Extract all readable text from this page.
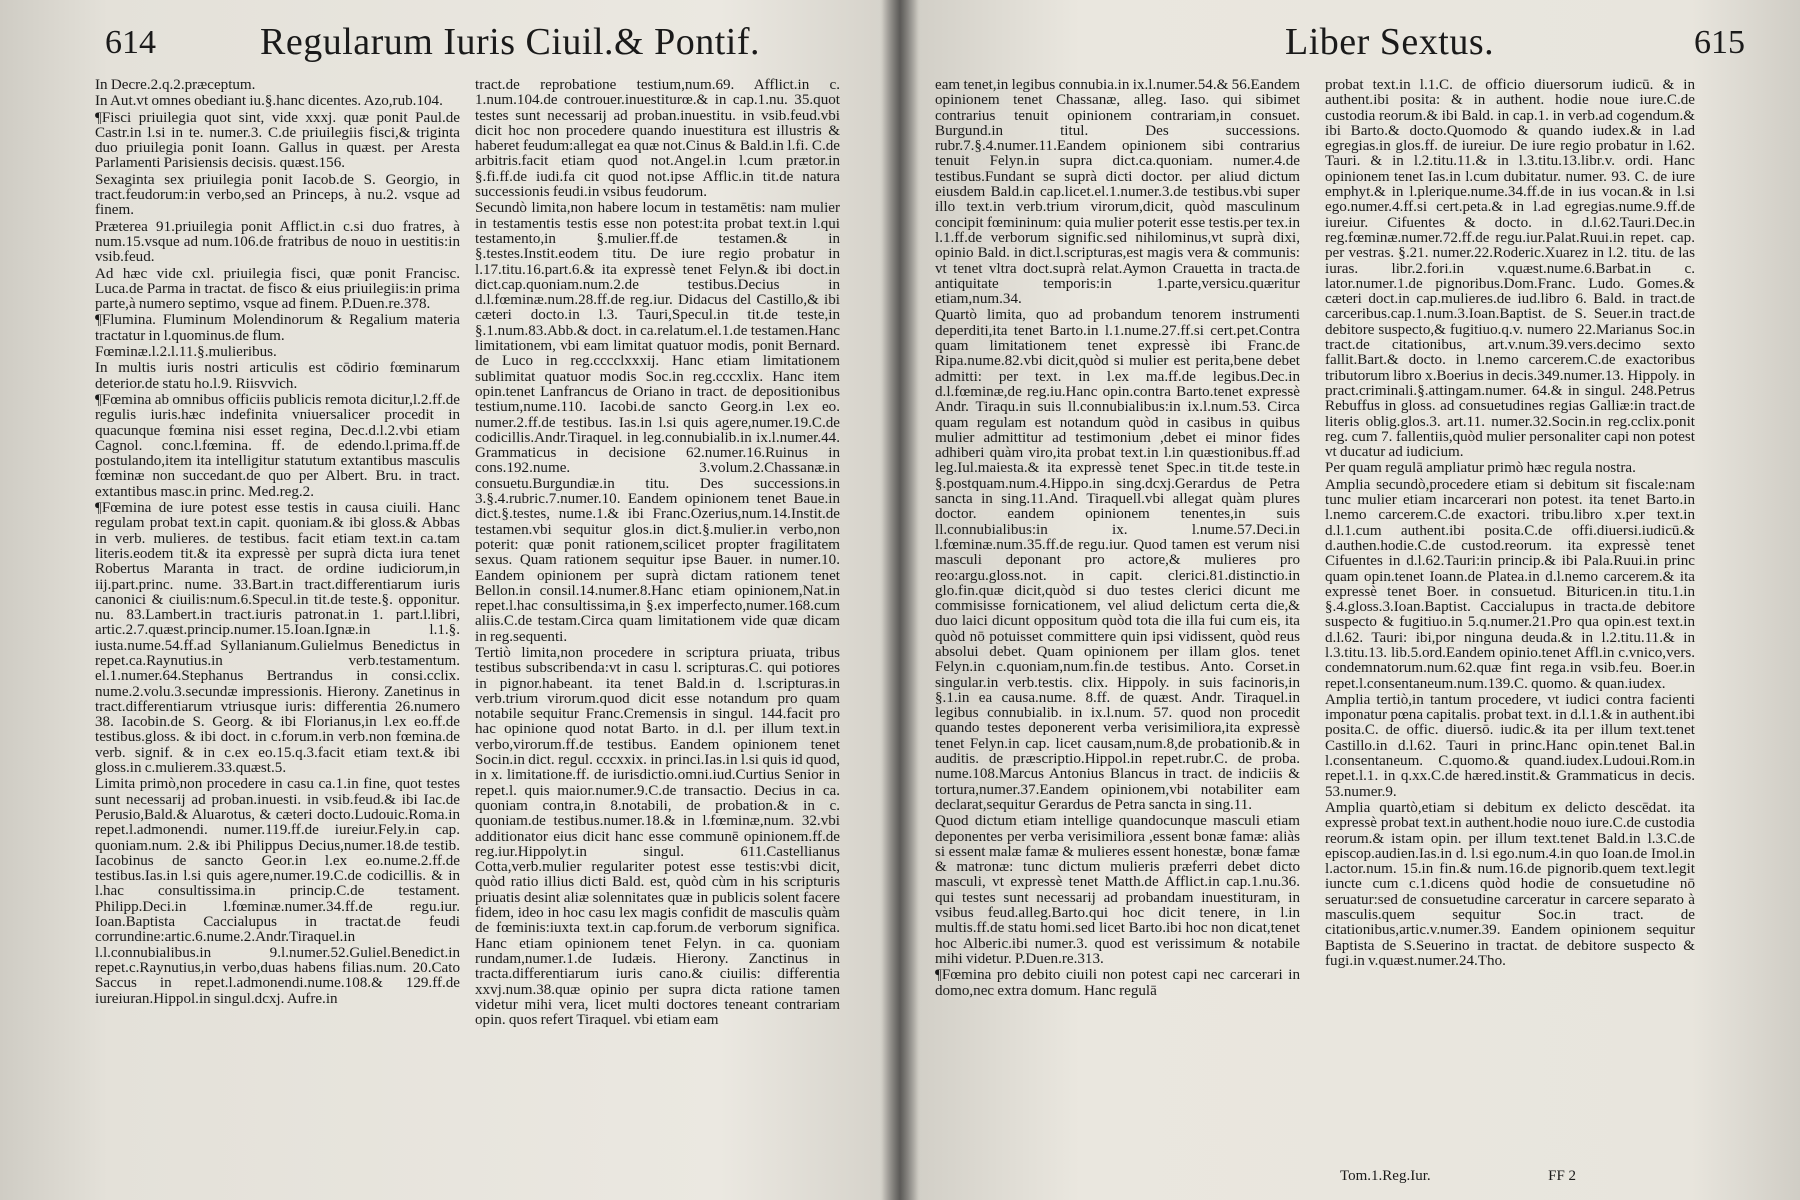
614	Regularum Iuris Ciuil.& Pontif.

In Decre.2.q.2.præceptum.

In Aut.vt omnes obediant iu.§.hanc dicentes. Azo,rub.104.

¶Fisci priuilegia quot sint, vide xxxj. quæ ponit Paul.de Castr.in l.si in te. numer.3. C.de priuilegiis fisci,& triginta duo priuilegia ponit Ioann. Gallus in quæst. per Aresta Parlamenti Parisiensis decisis. quæst.156.

Sexaginta sex priuilegia ponit Iacob.de S. Georgio, in tract.feudorum:in verbo,sed an Princeps, à nu.2. vsque ad finem.

Præterea 91.priuilegia ponit Afflict.in c.si duo fratres, à num.15.vsque ad num.106.de fratribus de nouo in uestitis:in vsib.feud.

Ad hæc vide cxl. priuilegia fisci, quæ ponit Francisc. Luca.de Parma in tractat. de fisco & eius priuilegiis:in prima parte,à numero septimo, vsque ad finem. P.Duen.re.378.

¶Flumina. Fluminum Molendinorum & Regalium materia tractatur in l.quominus.de flum.

Fœminæ.l.2.l.11.§.mulieribus.

In multis iuris nostri articulis est cōdirio fœminarum deterior.de statu ho.l.9. Riisvvich.

¶Fœmina ab omnibus officiis publicis remota dicitur,l.2.ff.de regulis iuris.hæc indefinita vniuersalicer procedit in quacunque fœmina nisi esset regina, Dec.d.l.2.vbi etiam Cagnol. conc.l.fœmina. ff. de edendo.l.prima.ff.de postulando,item ita intelligitur statutum extantibus masculis fœminæ non succedant.de quo per Albert. Bru. in tract. extantibus masc.in princ. Med.reg.2.

¶Fœmina de iure potest esse testis in causa ciuili. Hanc regulam probat text.in capit. quoniam.& ibi gloss.& Abbas in verb. mulieres. de testibus. facit etiam text.in ca.tam literis.eodem tit.& ita expressè per suprà dicta iura tenet Robertus Maranta in tract. de ordine iudiciorum,in iij.part.princ. nume. 33.Bart.in tract.differentiarum iuris canonici & ciuilis:num.6.Specul.in tit.de teste.§. opponitur. nu. 83.Lambert.in tract.iuris patronat.in 1. part.l.libri, artic.2.7.quæst.princip.numer.15.Ioan.Ignæ.in l.1.§. iusta.nume.54.ff.ad Syllanianum.Gulielmus Benedictus in repet.ca.Raynutius.in verb.testamentum. el.1.numer.64.Stephanus Bertrandus in consi.cclix. nume.2.volu.3.secundæ impressionis. Hierony. Zanetinus in tract.differentiarum vtriusque iuris: differentia 26.numero 38. Iacobin.de S. Georg. & ibi Florianus,in l.ex eo.ff.de testibus.gloss. & ibi doct. in c.forum.in verb.non fœmina.de verb. signif. & in c.ex eo.15.q.3.facit etiam text.& ibi gloss.in c.mulierem.33.quæst.5.

Limita primò,non procedere in casu ca.1.in fine, quot testes sunt necessarij ad proban.inuesti. in vsib.feud.& ibi Iac.de Perusio,Bald.& Aluarotus, & cæteri docto.Ludouic.Roma.in repet.l.admonendi. numer.119.ff.de iureiur.Fely.in cap. quoniam.num. 2.& ibi Philippus Decius,numer.18.de testib. Iacobinus de sancto Geor.in l.ex eo.nume.2.ff.de testibus.Ias.in l.si quis agere,numer.19.C.de codicillis. & in l.hac consultissima.in princip.C.de testament. Philipp.Deci.in l.fœminæ.numer.34.ff.de regu.iur. Ioan.Baptista Caccialupus in tractat.de feudi corrundine:artic.6.nume.2.Andr.Tiraquel.in l.l.connubialibus.in 9.l.numer.52.Guliel.Benedict.in repet.c.Raynutius,in verbo,duas habens filias.num. 20.Cato Saccus in repet.l.admonendi.nume.108.& 129.ff.de iureiuran.Hippol.in singul.dcxj. Aufre.in

tract.de reprobatione testium,num.69. Afflict.in c. 1.num.104.de controuer.inuestiturœ.& in cap.1.nu. 35.quot testes sunt necessarij ad proban.inuestitu. in vsib.feud.vbi dicit hoc non procedere quando inuestitura est illustris & haberet feudum:allegat ea quæ not.Cinus & Bald.in l.fi. C.de arbitris.facit etiam quod not.Angel.in l.cum prætor.in §.fi.ff.de iudi.fa cit quod not.ipse Afflic.in tit.de natura successionis feudi.in vsibus feudorum.

Secundò limita,non habere locum in testamētis: nam mulier in testamentis testis esse non potest:ita probat text.in l.qui testamento,in §.mulier.ff.de testamen.& in §.testes.Instit.eodem titu. De iure regio probatur in l.17.titu.16.part.6.& ita expressè tenet Felyn.& ibi doct.in dict.cap.quoniam.num.2.de testibus.Decius in d.l.fœminæ.num.28.ff.de reg.iur. Didacus del Castillo,& ibi cæteri docto.in l.3. Tauri,Specul.in tit.de teste,in §.1.num.83.Abb.& doct. in ca.relatum.el.1.de testamen.Hanc limitationem, vbi eam limitat quatuor modis, ponit Bernard. de Luco in reg.cccclxxxij. Hanc etiam limitationem sublimitat quatuor modis Soc.in reg.cccxlix. Hanc item opin.tenet Lanfrancus de Oriano in tract. de depositionibus testium,nume.110. Iacobi.de sancto Georg.in l.ex eo. numer.2.ff.de testibus. Ias.in l.si quis agere,numer.19.C.de codicillis.Andr.Tiraquel. in leg.connubialib.in ix.l.numer.44. Grammaticus in decisione 62.numer.16.Ruinus in cons.192.nume. 3.volum.2.Chassanæ.in consuetu.Burgundiæ.in titu. Des successions.in 3.§.4.rubric.7.numer.10. Eandem opinionem tenet Baue.in dict.§.testes, nume.1.& ibi Franc.Ozerius,num.14.Instit.de testamen.vbi sequitur glos.in dict.§.mulier.in verbo,non poterit: quæ ponit rationem,scilicet propter fragilitatem sexus. Quam rationem sequitur ipse Bauer. in numer.10. Eandem opinionem per suprà dictam rationem tenet Bellon.in consil.14.numer.8.Hanc etiam opinionem,Nat.in repet.l.hac consultissima,in §.ex imperfecto,numer.168.cum aliis.C.de testam.Circa quam limitationem vide quæ dicam in reg.sequenti.

Tertiò limita,non procedere in scriptura priuata, tribus testibus subscribenda:vt in casu l. scripturas.C. qui potiores in pignor.habeant. ita tenet Bald.in d. l.scripturas.in verb.trium virorum.quod dicit esse notandum pro quam notabile sequitur Franc.Cremensis in singul. 144.facit pro hac opinione quod notat Barto. in d.l. per illum text.in verbo,virorum.ff.de testibus. Eandem opinionem tenet Socin.in dict. regul. cccxxix. in princi.Ias.in l.si quis id quod, in x. limitatione.ff. de iurisdictio.omni.iud.Curtius Senior in repet.l. quis maior.numer.9.C.de transactio. Decius in ca. quoniam contra,in 8.notabili, de probation.& in c. quoniam.de testibus.numer.18.& in l.fœminæ,num. 32.vbi additionator eius dicit hanc esse communē opinionem.ff.de reg.iur.Hippolyt.in singul. 611.Castellianus Cotta,verb.mulier regulariter potest esse testis:vbi dicit, quòd ratio illius dicti Bald. est, quòd cùm in his scripturis priuatis desint aliæ solennitates quæ in publicis solent facere fidem, ideo in hoc casu lex magis confidit de masculis quàm de fœminis:iuxta text.in cap.forum.de verborum significa. Hanc etiam opinionem tenet Felyn. in ca. quoniam rundam,numer.1.de Iudæis. Hierony. Zanctinus in tracta.differentiarum iuris cano.& ciuilis: differentia xxvj.num.38.quæ opinio per supra dicta ratione tamen videtur mihi vera, licet multi doctores teneant contrariam opin. quos refert Tiraquel. vbi etiam eam

Liber Sextus.	615

eam tenet,in legibus connubia.in ix.l.numer.54.& 56.Eandem opinionem tenet Chassanæ, alleg. Iaso. qui sibimet contrarius tenuit opinionem contrariam,in consuet. Burgund.in titul. Des successions. rubr.7.§.4.numer.11.Eandem opinionem sibi contrarius tenuit Felyn.in supra dict.ca.quoniam. numer.4.de testibus.Fundant se suprà dicti doctor. per aliud dictum eiusdem Bald.in cap.licet.el.1.numer.3.de testibus.vbi super illo text.in verb.trium virorum,dicit, quòd masculinum concipit fœmininum: quia mulier poterit esse testis.per tex.in l.1.ff.de verborum signific.sed nihilominus,vt suprà dixi, opinio Bald. in dict.l.scripturas,est magis vera & communis: vt tenet vltra doct.suprà relat.Aymon Crauetta in tracta.de antiquitate temporis:in 1.parte,versicu.quæritur etiam,num.34.

Quartò limita, quo ad probandum tenorem instrumenti deperditi,ita tenet Barto.in l.1.nume.27.ff.si cert.pet.Contra quam limitationem tenet expressè ibi Franc.de Ripa.nume.82.vbi dicit,quòd si mulier est perita,bene debet admitti: per text. in l.ex ma.ff.de legibus.Dec.in d.l.fœminæ,de reg.iu.Hanc opin.contra Barto.tenet expressè Andr. Tiraqu.in suis ll.connubialibus:in ix.l.num.53. Circa quam regulam est notandum quòd in casibus in quibus mulier admittitur ad testimonium ,debet ei minor fides adhiberi quàm viro,ita probat text.in l.in quæstionibus.ff.ad leg.Iul.maiesta.& ita expressè tenet Spec.in tit.de teste.in §.postquam.num.4.Hippo.in sing.dcxj.Gerardus de Petra sancta in sing.11.And. Tiraquell.vbi allegat quàm plures doctor. eandem opinionem tenentes,in suis ll.connubialibus:in ix. l.nume.57.Deci.in l.fœminæ.num.35.ff.de regu.iur. Quod tamen est verum nisi masculi deponant pro actore,& mulieres pro reo:argu.gloss.not. in capit. clerici.81.distinctio.in glo.fin.quæ dicit,quòd si duo testes clerici dicunt me commisisse fornicationem, vel aliud delictum certa die,& duo laici dicunt oppositum quòd tota die illa fui cum eis, ita quòd nō potuisset committere quin ipsi vidissent, quòd reus absolui debet. Quam opinionem per illam glos. tenet Felyn.in c.quoniam,num.fin.de testibus. Anto. Corset.in singular.in verb.testis. clix. Hippoly. in suis facinoris,in §.1.in ea causa.nume. 8.ff. de quæst. Andr. Tiraquel.in legibus connubialib. in ix.l.num. 57. quod non procedit quando testes deponerent verba verisimiliora,ita expressè tenet Felyn.in cap. licet causam,num.8,de probationib.& in auditis. de præscriptio.Hippol.in repet.rubr.C. de proba. nume.108.Marcus Antonius Blancus in tract. de indiciis & tortura,numer.37.Eandem opinionem,vbi notabiliter eam declarat,sequitur Gerardus de Petra sancta in sing.11.

Quod dictum etiam intellige quandocunque masculi etiam deponentes per verba verisimiliora ,essent bonæ famæ: aliàs si essent malæ famæ & mulieres essent honestæ, bonæ famæ & matronæ: tunc dictum mulieris præferri debet dicto masculi, vt expressè tenet Matth.de Afflict.in cap.1.nu.36. qui testes sunt necessarij ad probandam inuestituram, in vsibus feud.alleg.Barto.qui hoc dicit tenere, in l.in multis.ff.de statu homi.sed licet Barto.ibi hoc non dicat,tenet hoc Alberic.ibi numer.3. quod est verissimum & notabile mihi videtur. P.Duen.re.313.

¶Fœmina pro debito ciuili non potest capi nec carcerari in domo,nec extra domum. Hanc regulā

probat text.in l.1.C. de officio diuersorum iudicū. & in authent.ibi posita: & in authent. hodie noue iure.C.de custodia reorum.& ibi Bald. in cap.1. in verb.ad cogendum.& ibi Barto.& docto.Quomodo & quando iudex.& in l.ad egregias.in glos.ff. de iureiur. De iure regio probatur in l.62. Tauri. & in l.2.titu.11.& in l.3.titu.13.libr.v. ordi. Hanc opinionem tenet Ias.in l.cum dubitatur. numer. 93. C. de iure emphyt.& in l.plerique.nume.34.ff.de in ius vocan.& in l.si ego.numer.4.ff.si cert.peta.& in l.ad egregias.nume.9.ff.de iureiur. Cifuentes & docto. in d.l.62.Tauri.Dec.in reg.fœminæ.numer.72.ff.de regu.iur.Palat.Ruui.in repet. cap. per vestras. §.21. numer.22.Roderic.Xuarez in l.2. titu. de las iuras. libr.2.fori.in v.quæst.nume.6.Barbat.in c. lator.numer.1.de pignoribus.Dom.Franc. Ludo. Gomes.& cæteri doct.in cap.mulieres.de iud.libro 6. Bald. in tract.de carceribus.cap.1.num.3.Ioan.Baptist. de S. Seuer.in tract.de debitore suspecto,& fugitiuo.q.v. numero 22.Marianus Soc.in tract.de citationibus, art.v.num.39.vers.decimo sexto fallit.Bart.& docto. in l.nemo carcerem.C.de exactoribus tributorum libro x.Boerius in decis.349.numer.13. Hippoly. in pract.criminali.§.attingam.numer. 64.& in singul. 248.Petrus Rebuffus in gloss. ad consuetudines regias Galliæ:in tract.de literis oblig.glos.3. art.11. numer.32.Socin.in reg.cclix.ponit reg. cum 7. fallentiis,quòd mulier personaliter capi non potest vt ducatur ad iudicium.

Per quam regulā ampliatur primò hæc regula nostra.

Amplia secundò,procedere etiam si debitum sit fiscale:nam tunc mulier etiam incarcerari non potest. ita tenet Barto.in l.nemo carcerem.C.de exactori. tribu.libro x.per text.in d.l.1.cum authent.ibi posita.C.de offi.diuersi.iudicū.& d.authen.hodie.C.de custod.reorum. ita expressè tenet Cifuentes in d.l.62.Tauri:in princip.& ibi Pala.Ruui.in princ quam opin.tenet Ioann.de Platea.in d.l.nemo carcerem.& ita expressè tenet Boer. in consuetud. Bituricen.in titu.1.in §.4.gloss.3.Ioan.Baptist. Caccialupus in tracta.de debitore suspecto & fugitiuo.in 5.q.numer.21.Pro qua opin.est text.in d.l.62. Tauri: ibi,por ninguna deuda.& in l.2.titu.11.& in l.3.titu.13. lib.5.ord.Eandem opinio.tenet Affl.in c.vnico,vers. condemnatorum.num.62.quæ fint rega.in vsib.feu. Boer.in repet.l.consentaneum.num.139.C. quomo. & quan.iudex.

Amplia tertiò,in tantum procedere, vt iudici contra facienti imponatur pœna capitalis. probat text. in d.l.1.& in authent.ibi posita.C. de offic. diuersō. iudic.& ita per illum text.tenet Castillo.in d.l.62. Tauri in princ.Hanc opin.tenet Bal.in l.consentaneum. C.quomo.& quand.iudex.Ludoui.Rom.in repet.l.1. in q.xx.C.de hæred.instit.& Grammaticus in decis. 53.numer.9.

Amplia quartò,etiam si debitum ex delicto descēdat. ita expressè probat text.in authent.hodie nouo iure.C.de custodia reorum.& istam opin. per illum text.tenet Bald.in l.3.C.de episcop.audien.Ias.in d. l.si ego.num.4.in quo Ioan.de Imol.in l.actor.num. 15.in fin.& num.16.de pignorib.quem text.legit iuncte cum c.1.dicens quòd hodie de consuetudine nō seruatur:sed de consuetudine carceratur in carcere separato à masculis.quem sequitur Soc.in tract. de citationibus,artic.v.numer.39. Eandem opinionem sequitur Baptista de S.Seuerino in tractat. de debitore suspecto & fugi.in v.quæst.numer.24.Tho.

Tom.1.Reg.Iur.	FF 2
